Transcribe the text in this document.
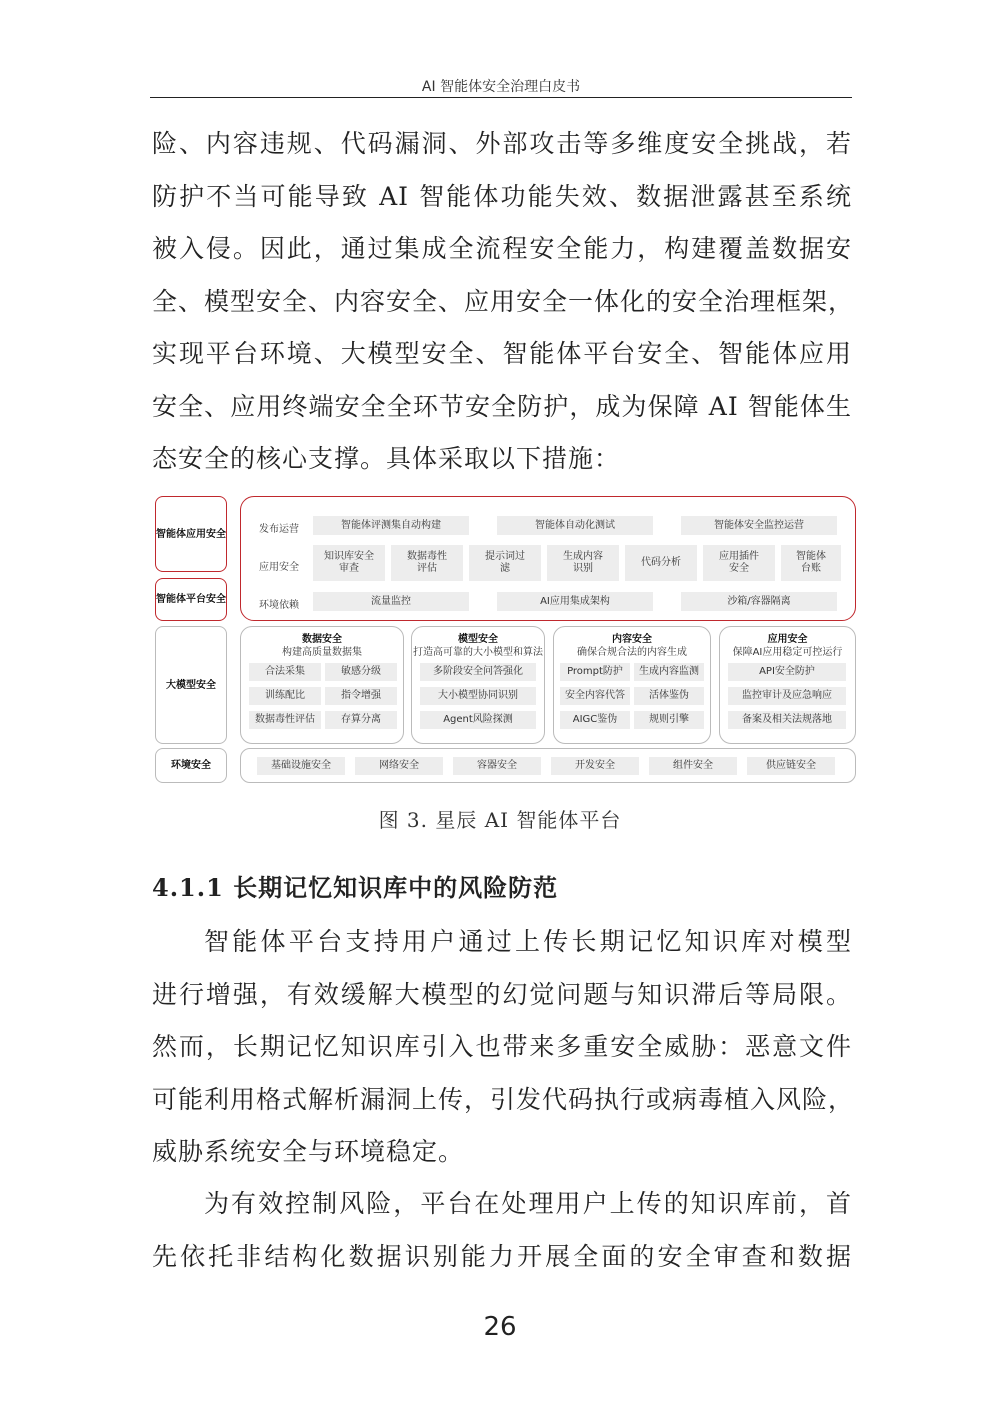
AI 智能体安全治理白皮书
险、内容违规、代码漏洞、外部攻击等多维度安全挑战，若
防护不当可能导致 AI 智能体功能失效、数据泄露甚至系统
被入侵。因此，通过集成全流程安全能力，构建覆盖数据安
全、模型安全、内容安全、应用安全一体化的安全治理框架，
实现平台环境、大模型安全、智能体平台安全、智能体应用
安全、应用终端安全全环节安全防护，成为保障 AI 智能体生
态安全的核心支撑。具体采取以下措施：
智能体应用安全
智能体平台安全
大模型安全
环境安全
发布运营	智能体评测集自动构建	智能体自动化测试	智能体安全监控运营
应用安全
知识库安全审查
数据毒性评估
提示词过滤
生成内容识别
代码分析
应用插件安全
智能体台账
环境依赖	流量监控	AI应用集成架构	沙箱/容器隔离
数据安全
构建高质量数据集
合法采集	敏感分级
训练配比	指令增强
数据毒性评估	存算分离
模型安全
打造高可靠的大小模型和算法
多阶段安全问答强化
大小模型协同识别
Agent风险探测
内容安全
确保合规合法的内容生成
Prompt防护	生成内容监测
安全内容代答	活体鉴伪
AIGC鉴伪	规则引擎
应用安全
保障AI应用稳定可控运行
API安全防护
监控审计及应急响应
备案及相关法规落地
基础设施安全	网络安全	容器安全	开发安全	组件安全	供应链安全
图 3. 星辰 AI 智能体平台
4.1.1 长期记忆知识库中的风险防范
智能体平台支持用户通过上传长期记忆知识库对模型
进行增强，有效缓解大模型的幻觉问题与知识滞后等局限。
然而，长期记忆知识库引入也带来多重安全威胁：恶意文件
可能利用格式解析漏洞上传，引发代码执行或病毒植入风险，
威胁系统安全与环境稳定。
为有效控制风险，平台在处理用户上传的知识库前，首
先依托非结构化数据识别能力开展全面的安全审查和数据
26
